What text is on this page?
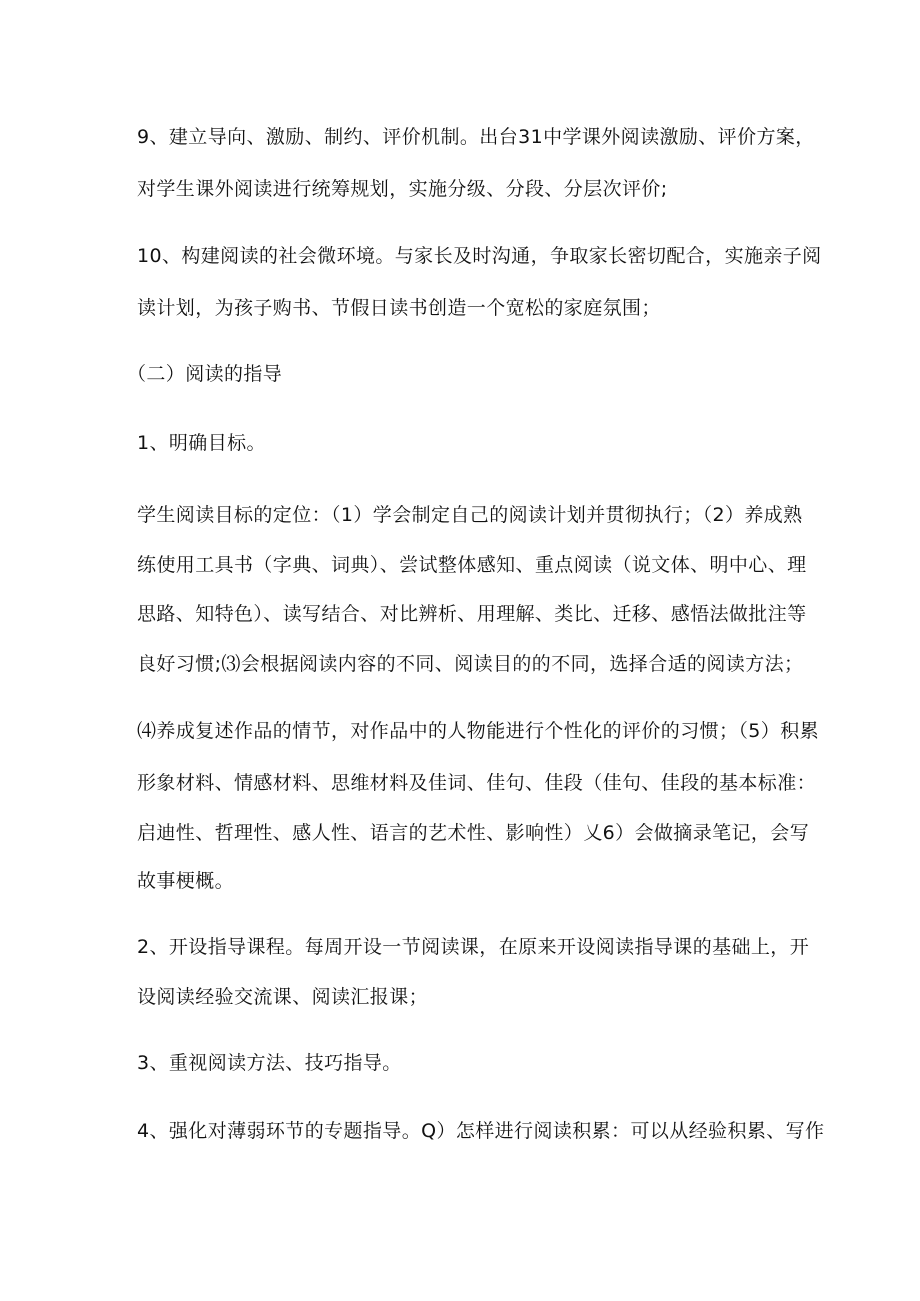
9、建立导向、激励、制约、评价机制。出台31中学课外阅读激励、评价方案，
对学生课外阅读进行统筹规划，实施分级、分段、分层次评价;
10、构建阅读的社会微环境。与家长及时沟通，争取家长密切配合，实施亲子阅
读计划，为孩子购书、节假日读书创造一个宽松的家庭氛围；
（二）阅读的指导
1、明确目标。
学生阅读目标的定位：（1）学会制定自己的阅读计划并贯彻执行；（2）养成熟
练使用工具书（字典、词典）、尝试整体感知、重点阅读（说文体、明中心、理
思路、知特色）、读写结合、对比辨析、用理解、类比、迁移、感悟法做批注等
良好习惯;⑶会根据阅读内容的不同、阅读目的的不同，选择合适的阅读方法；
⑷养成复述作品的情节，对作品中的人物能进行个性化的评价的习惯；（5）积累
形象材料、情感材料、思维材料及佳词、佳句、佳段（佳句、佳段的基本标准：
启迪性、哲理性、感人性、语言的艺术性、影响性）乂6）会做摘录笔记，会写
故事梗概。
2、开设指导课程。每周开设一节阅读课，在原来开设阅读指导课的基础上，开
设阅读经验交流课、阅读汇报课；
3、重视阅读方法、技巧指导。
4、强化对薄弱环节的专题指导。Q）怎样进行阅读积累：可以从经验积累、写作
